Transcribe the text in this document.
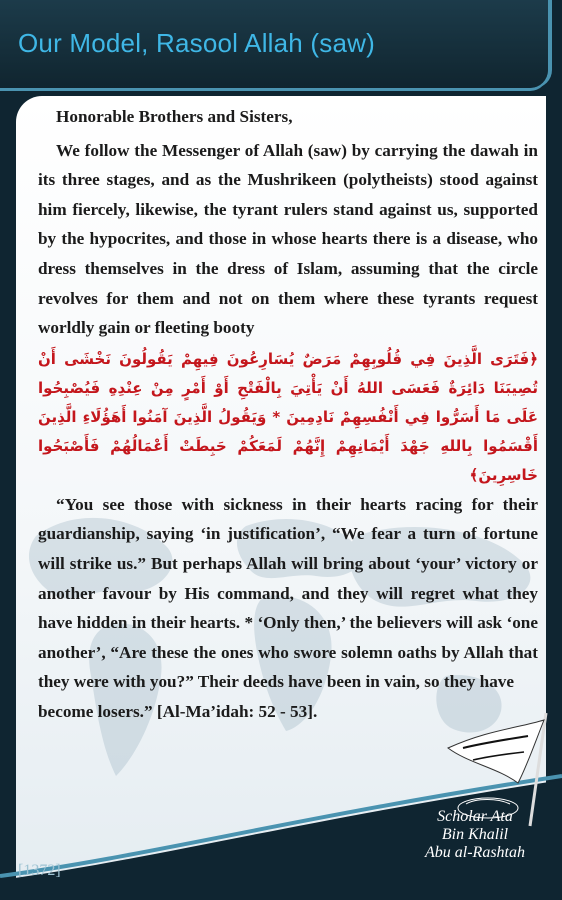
Our Model, Rasool Allah (saw)

Honorable Brothers and Sisters,

We follow the Messenger of Allah (saw) by carrying the dawah in its three stages, and as the Mushrikeen (polytheists) stood against him fiercely, likewise, the tyrant rulers stand against us, supported by the hypocrites, and those in whose hearts there is a disease, who dress themselves in the dress of Islam, assuming that the circle revolves for them and not on them where these tyrants request worldly gain or fleeting booty

﴿فَتَرَى الَّذِينَ فِي قُلُوبِهِمْ مَرَضٌ يُسَارِعُونَ فِيهِمْ يَقُولُونَ نَخْشَى أَنْ تُصِيبَنَا دَائِرَةٌ فَعَسَى اللهُ أَنْ يَأْتِيَ بِالْفَتْحِ أَوْ أَمْرٍ مِنْ عِنْدِهِ فَيُصْبِحُوا عَلَى مَا أَسَرُّوا فِي أَنْفُسِهِمْ نَادِمِينَ * وَيَقُولُ الَّذِينَ آمَنُوا أَهَؤُلَاءِ الَّذِينَ أَقْسَمُوا بِاللهِ جَهْدَ أَيْمَانِهِمْ إِنَّهُمْ لَمَعَكُمْ حَبِطَتْ أَعْمَالُهُمْ فَأَصْبَحُوا خَاسِرِينَ﴾

“You see those with sickness in their hearts racing for their guardianship, saying ‘in justification’, “We fear a turn of fortune will strike us.” But perhaps Allah will bring about ‘your’ victory or another favour by His command, and they will regret what they have hidden in their hearts. * ‘Only then,’ the believers will ask ‘one another’, “Are these the ones who swore solemn oaths by Allah that they were with you?” Their deeds have been in vain, so they have

become losers.” [Al-Ma’idah: 52 - 53].

Scholar Ata
Bin Khalil
Abu al-Rashtah
[1372]
